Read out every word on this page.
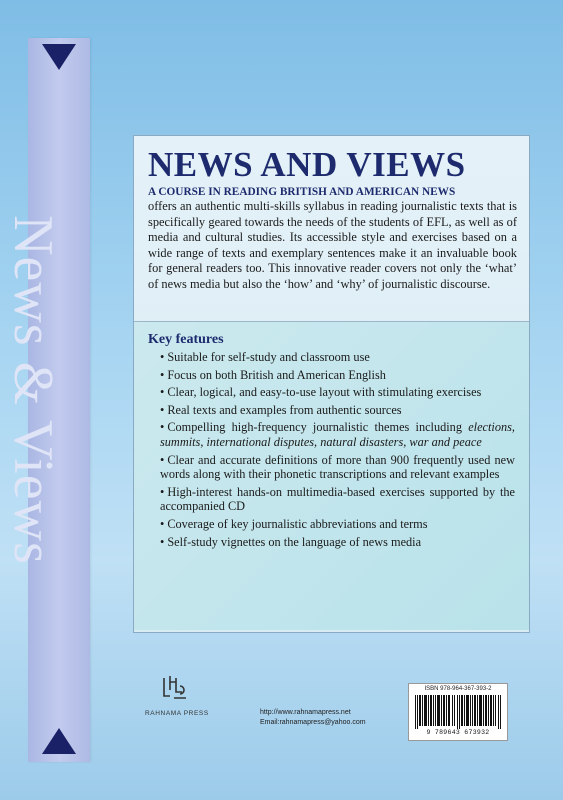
News & Views
NEWS AND VIEWS
A COURSE IN READING BRITISH AND AMERICAN NEWS
offers an authentic multi-skills syllabus in reading journalistic texts that is specifically geared towards the needs of the students of EFL, as well as of media and cultural studies. Its accessible style and exercises based on a wide range of texts and exemplary sentences make it an invaluable book for general readers too. This innovative reader covers not only the ‘what’ of news media but also the ‘how’ and ‘why’ of journalistic discourse.
Key features
• Suitable for self-study and classroom use
• Focus on both British and American English
• Clear, logical, and easy-to-use layout with stimulating exercises
• Real texts and examples from authentic sources
• Compelling high-frequency journalistic themes including elections, summits, international disputes, natural disasters, war and peace
• Clear and accurate definitions of more than 900 frequently used new words along with their phonetic transcriptions and relevant examples
• High-interest hands-on multimedia-based exercises supported by the accompanied CD
• Coverage of key journalistic abbreviations and terms
• Self-study vignettes on the language of news media
RAHNAMA PRESS	http://www.rahnamapress.net
Email:rahnamapress@yahoo.com
ISBN 978-964-367-393-2
9 789643 673932
